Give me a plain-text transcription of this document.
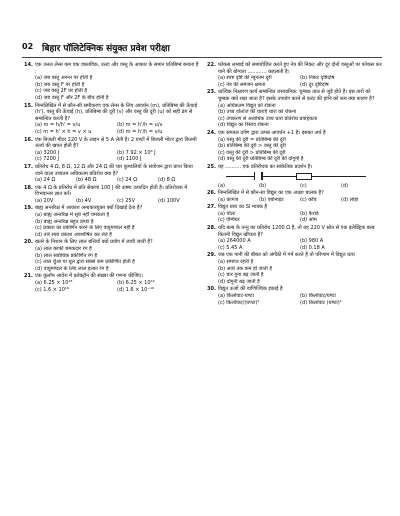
02 बिहार पॉलिटेक्निक संयुक्त प्रवेश परीक्षा
14. एक उत्तल लेन्स कम एक वास्तविक, उल्टा और वस्तु के आकार के समान प्रतिबिम्ब बनाता है :
(a) जब वस्तु अनन्त पर होती है
(b) जब वस्तु F पर होती है
(c) जब वस्तु 2F पर होती है
(d) जब वस्तु F और 2F के बीच होती है
15. निम्नलिखित में से कौन-सी समीकरण एक लेन्स के लिए आवर्धन (m), प्रतिबिम्ब की ऊँचाई (h'), वस्तु की ऊँचाई (h), प्रतिबिम्ब की दूरी (v) और वस्तु की दूरी (u) को सही ढंग से सम्बन्धित करती है?
(a) m = h/h' = v/u	(b) m = h'/h = u/v
(c) m = h' × h = v × u	(d) m = h'/h = v/u
16. एक बिजली मीटर 220 V के लाइन से 5 A लेती है। 2 घण्टों में बिजली मोटर द्वारा कितनी ऊर्जा की खपत होती है?
(a) 3200 J	(b) 7.92 × 10⁶ J
(c) 7200 J	(d) 1100 J
17. प्रतिरोध 4 Ω, 8 Ω, 12 Ω और 24 Ω की चार कुण्डलियों के संयोजन द्वारा प्राप्त किया जाने वाला उच्चतम अधिकतम प्रतिरोध क्या है?
(a) 24 Ω	(b) 48 Ω	(c) 24 Ω	(d) 8 Ω
18. एक 4 Ω के प्रतिरोध में प्रति सेकण्ड 100 J की ऊष्मा उत्पादित होती है। प्रतिरोधक में विभवान्तर ज्ञात करें।
(a) 20V	(b) 4V	(c) 25V	(d) 100V
19. बाह्य अन्तरिक्ष में आकाश अन्धकारयुक्त क्यों दिखाई देता है?
(a) बाह्य अन्तरिक्ष में सूर्य नहीं चमकता है
(b) बाह्य अन्तरिक्ष बहुत ठण्डा है
(c) प्रकाश का प्रकीर्णन करने के लिए वायुमण्डल नहीं है
(d) तारे सारा प्रकाश अवशोषित कर लेते हैं
20. खतरे के निशान के लिए लाल बत्तियाँ क्यों प्रयोग में लायी जाती हैं?
(a) लाल काफी चमकदार रंग है
(b) लाल सर्वाधिक प्रकीर्णित रंग है
(c) लाल धुँआ या धूल द्वारा सबसे कम प्रकीर्णित होती है
(d) वायुमण्डल के लिए लाल हल्का रंग है
21. एक कूलॉम आवेश में इलेक्ट्रॉन की संख्या की गणना कीजिए।
(a) 6.25 × 10¹⁸	(b) 6.25 × 10¹⁹
(c) 1.6 × 10¹⁹	(d) 1.6 × 10⁻¹⁹
22. फोकस लम्बाई को समायोजित करते हुए नेत्र की निकट और दूर दोनों वस्तुओं पर फोकस कर पाने की योग्यता ............ कहलाती है।
(a) स्पष्ट दृष्टि की न्यूनतम दूरी	(b) निकट दृष्टिदोष
(c) नेत्र की समंजन क्षमता	(d) दूर दृष्टिदोष
23. धात्विक निक्षारण कार्य सम्बन्धित रासायनिक: चुम्बक ताल से जुड़े होते हैं। इस तारों को चुम्बक क्यों रखा जाता है? इसके उपयोग करने से करंट की हानि को कम क्या कारण है?
(a) अधिकतम विद्युत को रोकना
(b) उच्च वोल्टेज की धाराएँ धारा को रोकना
(c) उपकरण से अत्यधिक उच्च धारा प्रतिरोध प्रवाहकता
(d) विद्युत का रिसाव रोकना
24. एक समतल दर्पण द्वारा उत्पन्न आवर्धन +1 है। इसका अर्थ है
(a) वस्तु की दूरी = प्रतिबिम्ब की दूरी
(b) प्रतिबिम्ब की दूरी > वस्तु की दूरी
(c) वस्तु की दूरी > प्रतिबिम्ब की दूरी
(d) वस्तु की दूरी प्रतिबिम्ब की दूरी की दोगुनी है
25. यह .......... एक प्रतिरोधक का सांकेतिक प्रदर्शन है।
(a)	(b)	(c)	(d)
26. निम्नलिखित में से कौन-सा विद्युत का एक अच्छा चालक है?
(a) कागज	(b) एबोनाइट	(c) कॉच	(d) लोहा
27. विद्युत धारा का SI मात्रक है
(a) वोल्ट	(b) फैराडे
(c) ऐम्पियर	(d) ओम
28. यदि बल्ब के तन्तु का प्रतिरोध 1200 Ω है, तो यह 220 V स्रोत से एक इलेक्ट्रिक बल्ब कितनी विद्युत खींचता है?
(a) 264000 A	(b) 980 A
(c) 5.45 A	(d) 0.18 A
29. जब एक पानी की बीकर को अंगीठी में गर्म करते हैं तो परिणाम में विद्युत धारा
(a) समाप्त रहती है
(b) आधे तक कम हो जाती है
(c) चार गुना बढ़ जाती है
(d) दोगुनी बढ़ जाती है
30. विद्युत ऊर्जा की वाणिज्यिक इकाई है
(a) किलोवाट-घण्टा	(b) किलोवाट/घण्टा
(c) किलोवाट/(घण्टा)²	(d) किलोवाट (घण्टा)²
